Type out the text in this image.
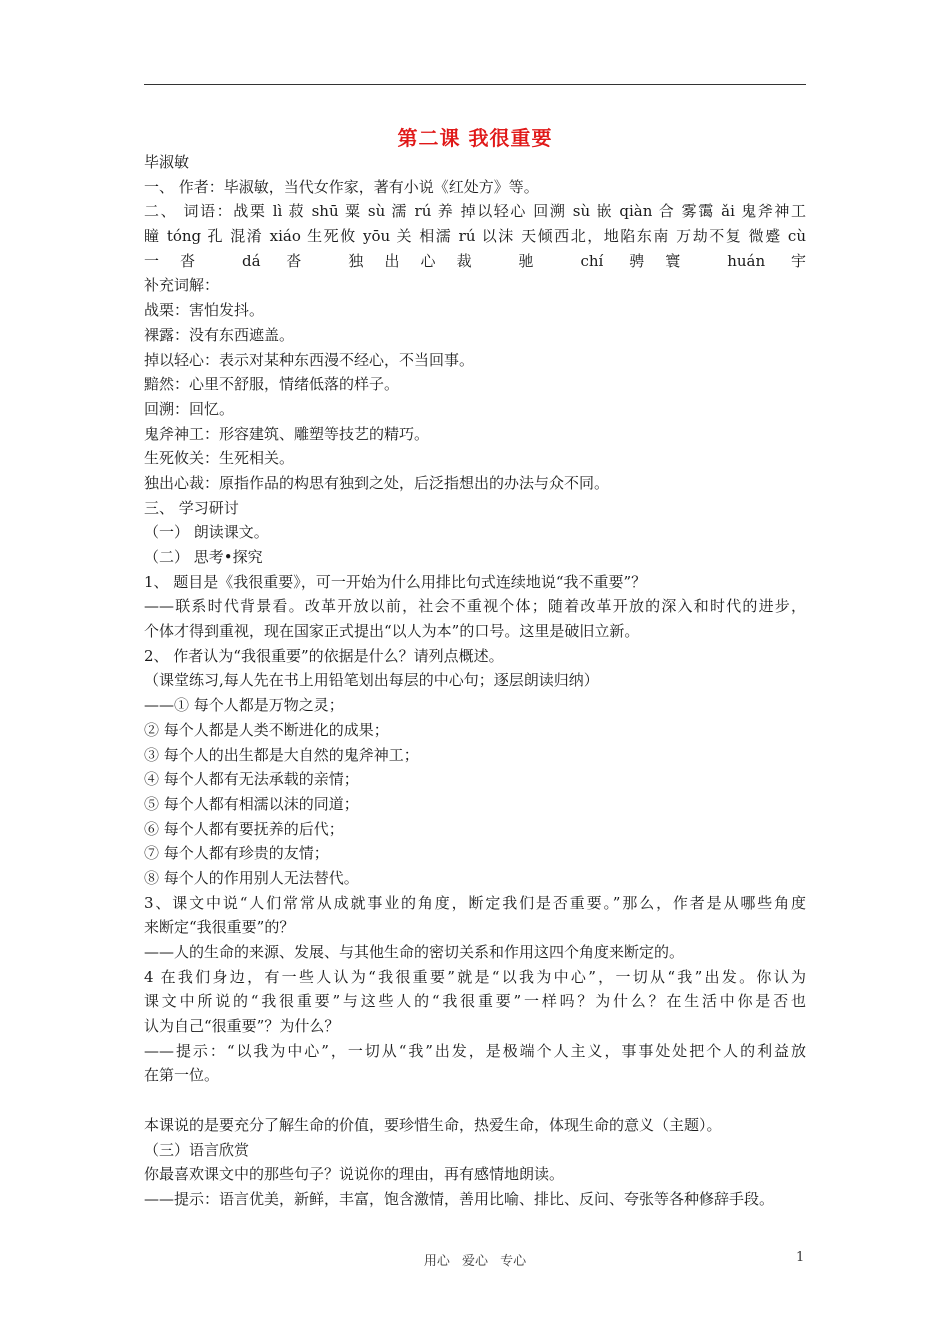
第二课 我很重要
毕淑敏
一、 作者：毕淑敏，当代女作家，著有小说《红处方》等。
二、 词语：战栗 lì 菽 shū 粟 sù 濡 rú 养 掉以轻心 回溯 sù 嵌 qiàn 合 雾霭 ǎi 鬼斧神工
瞳 tóng 孔 混淆 xiáo 生死攸 yōu 关 相濡 rú 以沫 天倾西北，地陷东南 万劫不复 微蹙 cù
一沓 dá 沓 独出心裁 驰 chí 骋寰 huán 宇
补充词解：
战栗：害怕发抖。
裸露：没有东西遮盖。
掉以轻心：表示对某种东西漫不经心，不当回事。
黯然：心里不舒服，情绪低落的样子。
回溯：回忆。
鬼斧神工：形容建筑、雕塑等技艺的精巧。
生死攸关：生死相关。
独出心裁：原指作品的构思有独到之处，后泛指想出的办法与众不同。
三、 学习研讨
（一） 朗读课文。
（二） 思考•探究
1、 题目是《我很重要》，可一开始为什么用排比句式连续地说“我不重要”？
——联系时代背景看。改革开放以前，社会不重视个体；随着改革开放的深入和时代的进步，
个体才得到重视，现在国家正式提出“以人为本”的口号。这里是破旧立新。
2、 作者认为“我很重要”的依据是什么？请列点概述。
（课堂练习,每人先在书上用铅笔划出每层的中心句；逐层朗读归纳）
——① 每个人都是万物之灵；
② 每个人都是人类不断进化的成果；
③ 每个人的出生都是大自然的鬼斧神工；
④ 每个人都有无法承载的亲情；
⑤ 每个人都有相濡以沫的同道；
⑥ 每个人都有要抚养的后代；
⑦ 每个人都有珍贵的友情；
⑧ 每个人的作用别人无法替代。
3、课文中说“人们常常从成就事业的角度，断定我们是否重要。”那么，作者是从哪些角度
来断定“我很重要”的？
——人的生命的来源、发展、与其他生命的密切关系和作用这四个角度来断定的。
4 在我们身边，有一些人认为“我很重要”就是“以我为中心”，一切从“我”出发。你认为
课文中所说的“我很重要”与这些人的“我很重要”一样吗？为什么？在生活中你是否也
认为自己“很重要”？为什么？
——提示：“以我为中心”，一切从“我”出发，是极端个人主义，事事处处把个人的利益放
在第一位。
本课说的是要充分了解生命的价值，要珍惜生命，热爱生命，体现生命的意义（主题）。
（三）语言欣赏
你最喜欢课文中的那些句子？说说你的理由，再有感情地朗读。
——提示：语言优美，新鲜，丰富，饱含激情，善用比喻、排比、反问、夸张等各种修辞手段。
用心 爱心 专心	1
